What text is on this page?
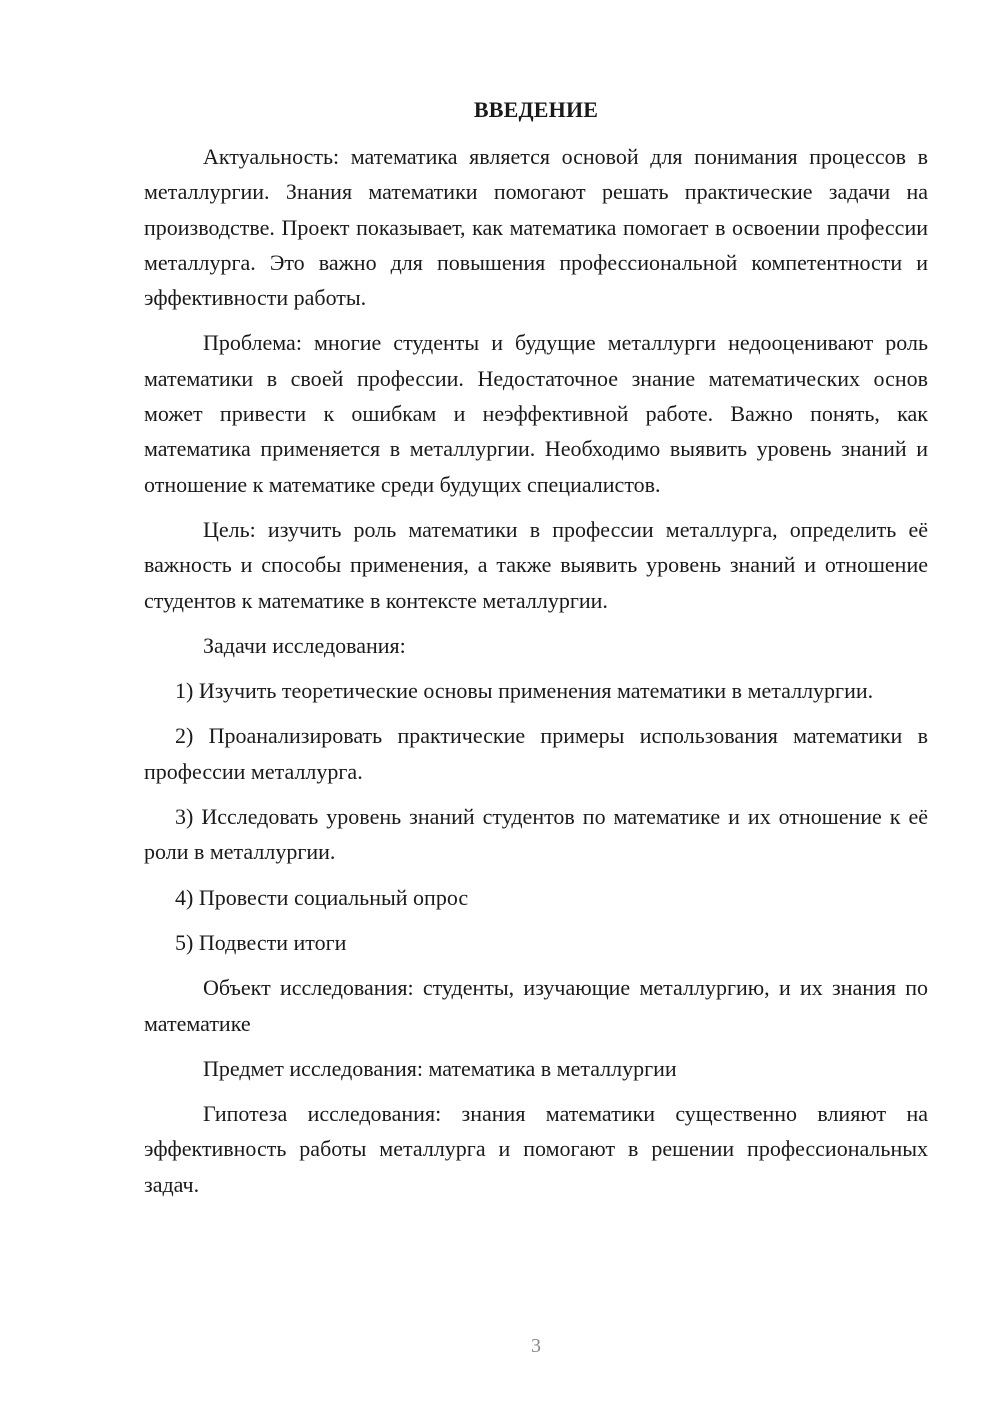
ВВЕДЕНИЕ
Актуальность: математика является основой для понимания процессов в металлургии. Знания математики помогают решать практические задачи на производстве. Проект показывает, как математика помогает в освоении профессии металлурга. Это важно для повышения профессиональной компетентности и эффективности работы.
Проблема: многие студенты и будущие металлурги недооценивают роль математики в своей профессии. Недостаточное знание математических основ может привести к ошибкам и неэффективной работе. Важно понять, как математика применяется в металлургии. Необходимо выявить уровень знаний и отношение к математике среди будущих специалистов.
Цель: изучить роль математики в профессии металлурга, определить её важность и способы применения, а также выявить уровень знаний и отношение студентов к математике в контексте металлургии.
Задачи исследования:
1) Изучить теоретические основы применения математики в металлургии.
2) Проанализировать практические примеры использования математики в профессии металлурга.
3) Исследовать уровень знаний студентов по математике и их отношение к её роли в металлургии.
4) Провести социальный опрос
5) Подвести итоги
Объект исследования: студенты, изучающие металлургию, и их знания по математике
Предмет исследования: математика в металлургии
Гипотеза исследования: знания математики существенно влияют на эффективность работы металлурга и помогают в решении профессиональных задач.
3
